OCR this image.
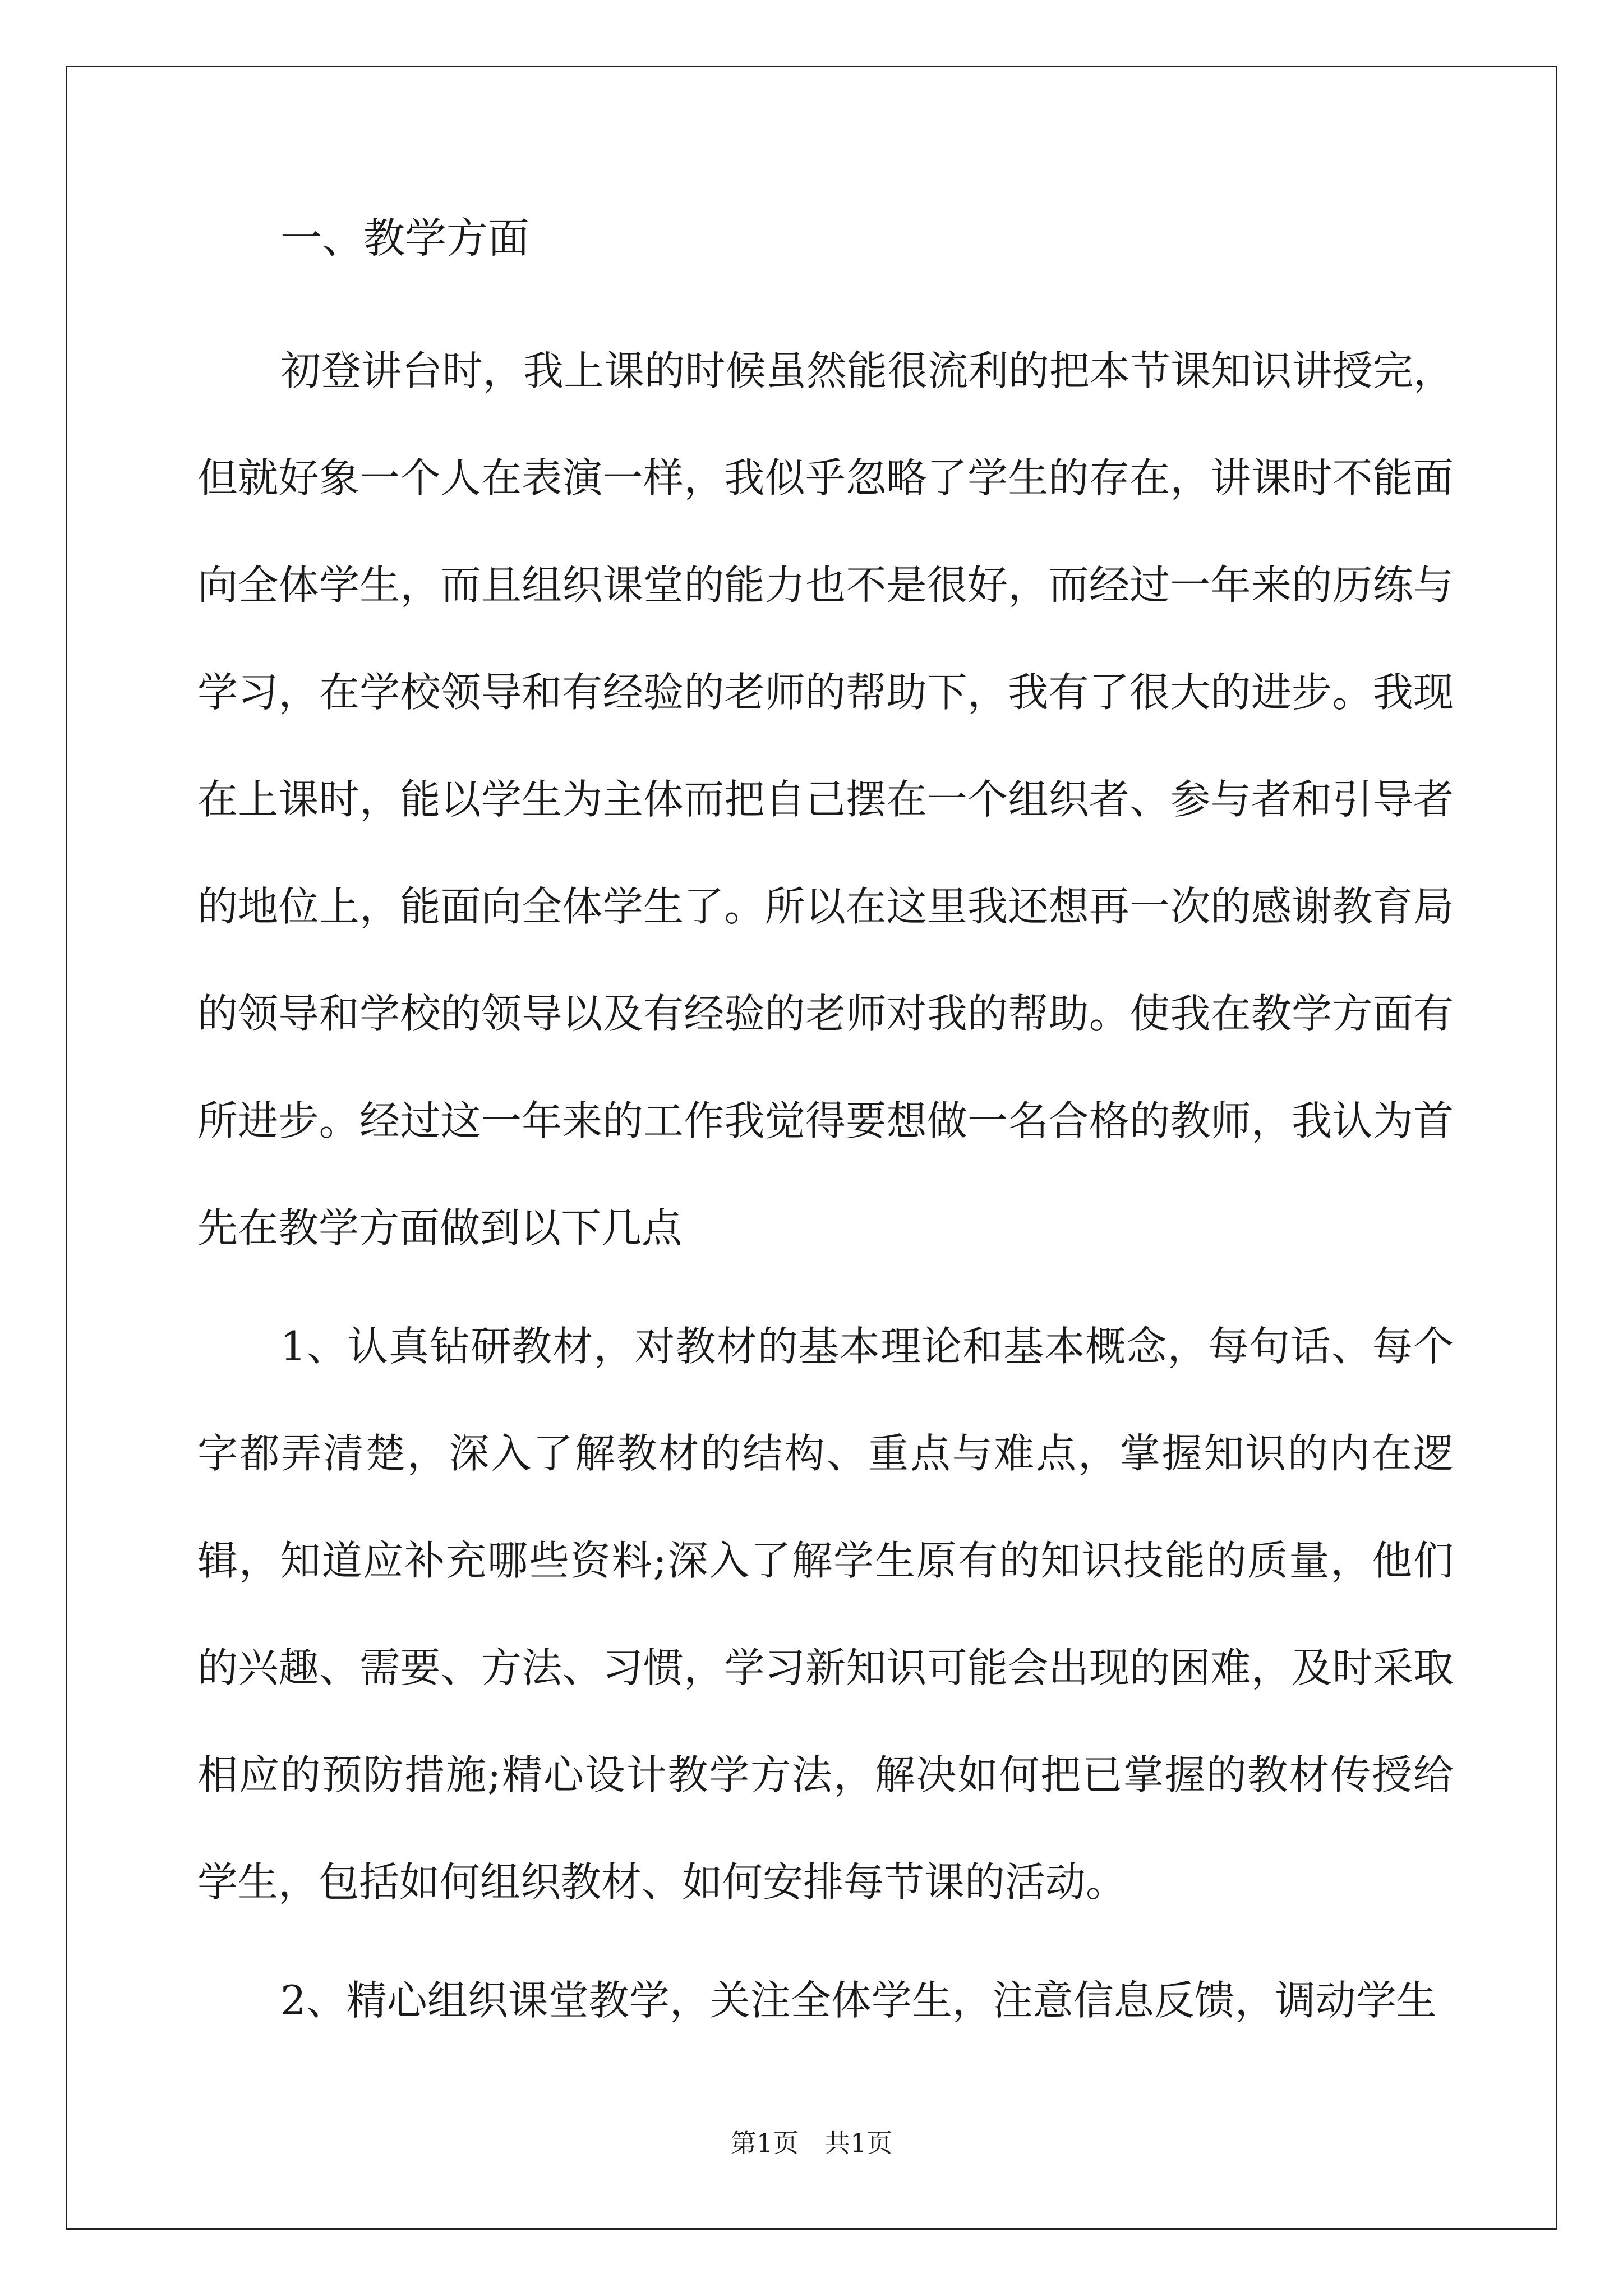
一、教学方面

初登讲台时，我上课的时候虽然能很流利的把本节课知识讲授完，但就好象一个人在表演一样，我似乎忽略了学生的存在，讲课时不能面向全体学生，而且组织课堂的能力也不是很好，而经过一年来的历练与学习，在学校领导和有经验的老师的帮助下，我有了很大的进步。我现在上课时，能以学生为主体而把自己摆在一个组织者、参与者和引导者的地位上，能面向全体学生了。所以在这里我还想再一次的感谢教育局的领导和学校的领导以及有经验的老师对我的帮助。使我在教学方面有所进步。经过这一年来的工作我觉得要想做一名合格的教师，我认为首先在教学方面做到以下几点

1、认真钻研教材，对教材的基本理论和基本概念，每句话、每个字都弄清楚，深入了解教材的结构、重点与难点，掌握知识的内在逻辑，知道应补充哪些资料;深入了解学生原有的知识技能的质量，他们的兴趣、需要、方法、习惯，学习新知识可能会出现的困难，及时采取相应的预防措施;精心设计教学方法，解决如何把已掌握的教材传授给学生，包括如何组织教材、如何安排每节课的活动。

2、精心组织课堂教学，关注全体学生，注意信息反馈，调动学生

第1页　共1页
